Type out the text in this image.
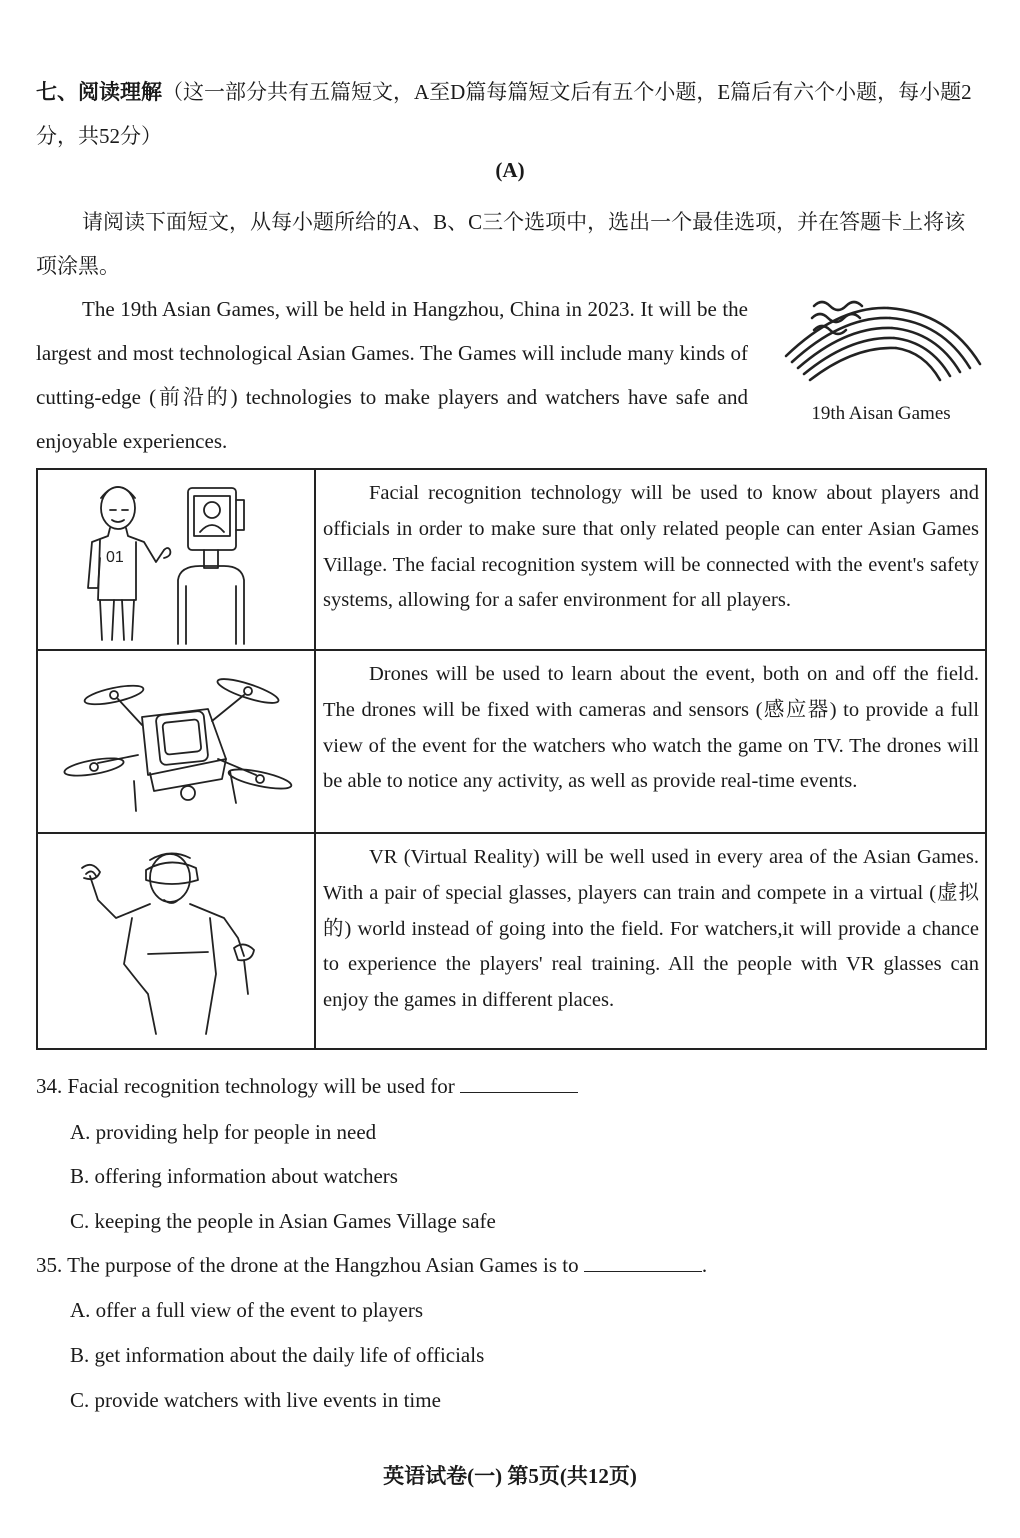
七、阅读理解（这一部分共有五篇短文，A至D篇每篇短文后有五个小题，E篇后有六个小题，每小题2分，共52分）
(A)
请阅读下面短文，从每小题所给的A、B、C三个选项中，选出一个最佳选项，并在答题卡上将该项涂黑。
The 19th Asian Games, will be held in Hangzhou, China in 2023. It will be the largest and most technological Asian Games. The Games will include many kinds of cutting-edge (前沿的) technologies to make players and watchers have safe and enjoyable experiences.
19th Aisan Games
01	Facial recognition technology will be used to know about players and officials in order to make sure that only related people can enter Asian Games Village. The facial recognition system will be connected with the event's safety systems, allowing for a safer environment for all players.

Drones will be used to learn about the event, both on and off the field. The drones will be fixed with cameras and sensors (感应器) to provide a full view of the event for the watchers who watch the game on TV. The drones will be able to notice any activity, as well as provide real-time events.

VR (Virtual Reality) will be well used in every area of the Asian Games. With a pair of special glasses, players can train and compete in a virtual (虚拟的) world instead of going into the field. For watchers,it will provide a chance to experience the players' real training. All the people with VR glasses can enjoy the games in different places.

34. Facial recognition technology will be used for
A. providing help for people in need
B. offering information about watchers
C. keeping the people in Asian Games Village safe
35. The purpose of the drone at the Hangzhou Asian Games is to	.
A. offer a full view of the event to players
B. get information about the daily life of officials
C. provide watchers with live events in time
英语试卷(一) 第5页(共12页)
